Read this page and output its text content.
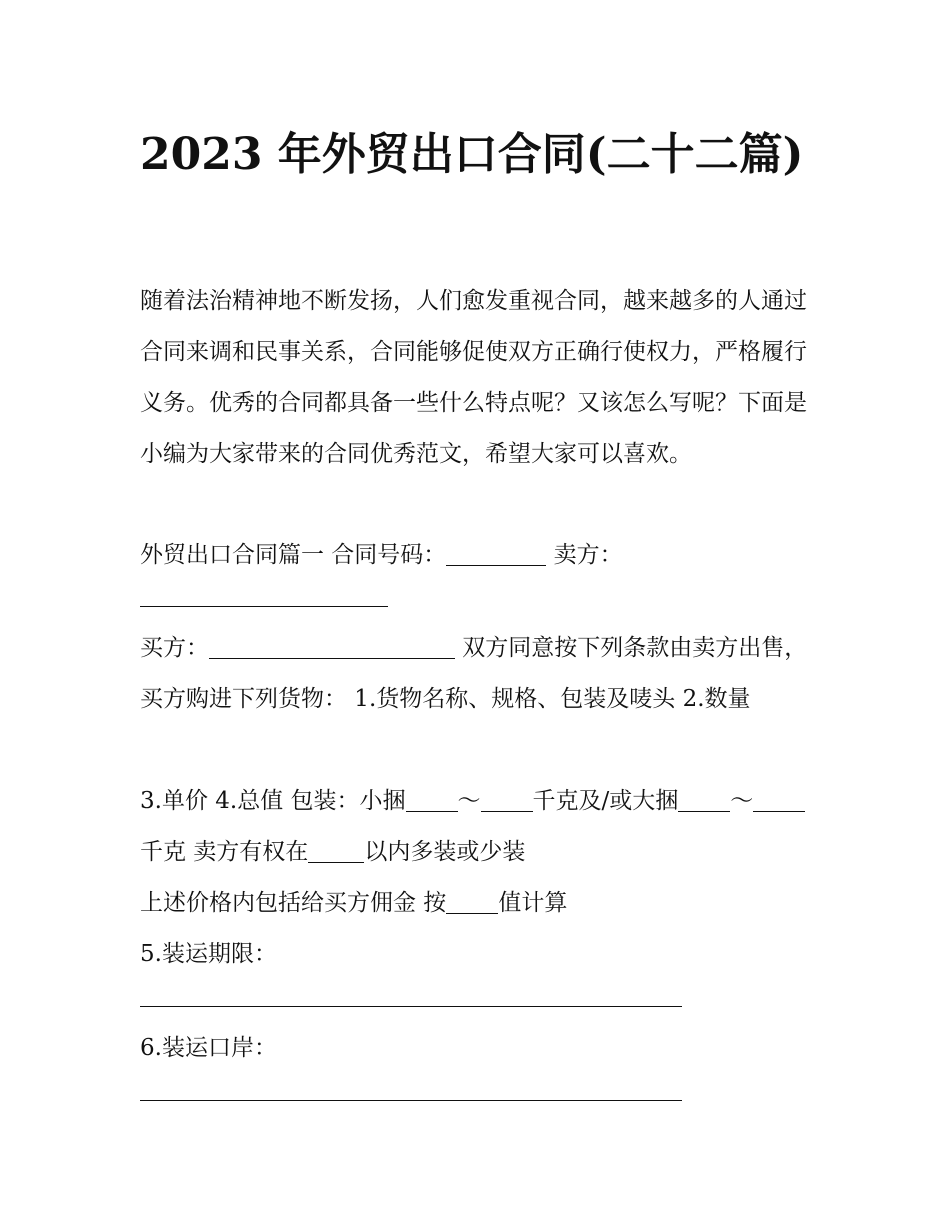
2023 年外贸出口合同(二十二篇)

随着法治精神地不断发扬，人们愈发重视合同，越来越多的人通过合同来调和民事关系，合同能够促使双方正确行使权力，严格履行义务。优秀的合同都具备一些什么特点呢？又该怎么写呢？下面是小编为大家带来的合同优秀范文，希望大家可以喜欢。

外贸出口合同篇一 合同号码：	卖方：

买方：	双方同意按下列条款由卖方出售，买方购进下列货物： 1.货物名称、规格、包装及唛头 2.数量

3.单价 4.总值 包装：小捆 ～ 千克及/或大捆 ～千克 卖方有权在 以内多装或少装

上述价格内包括给买方佣金 按 值计算

5.装运期限：

6.装运口岸：
